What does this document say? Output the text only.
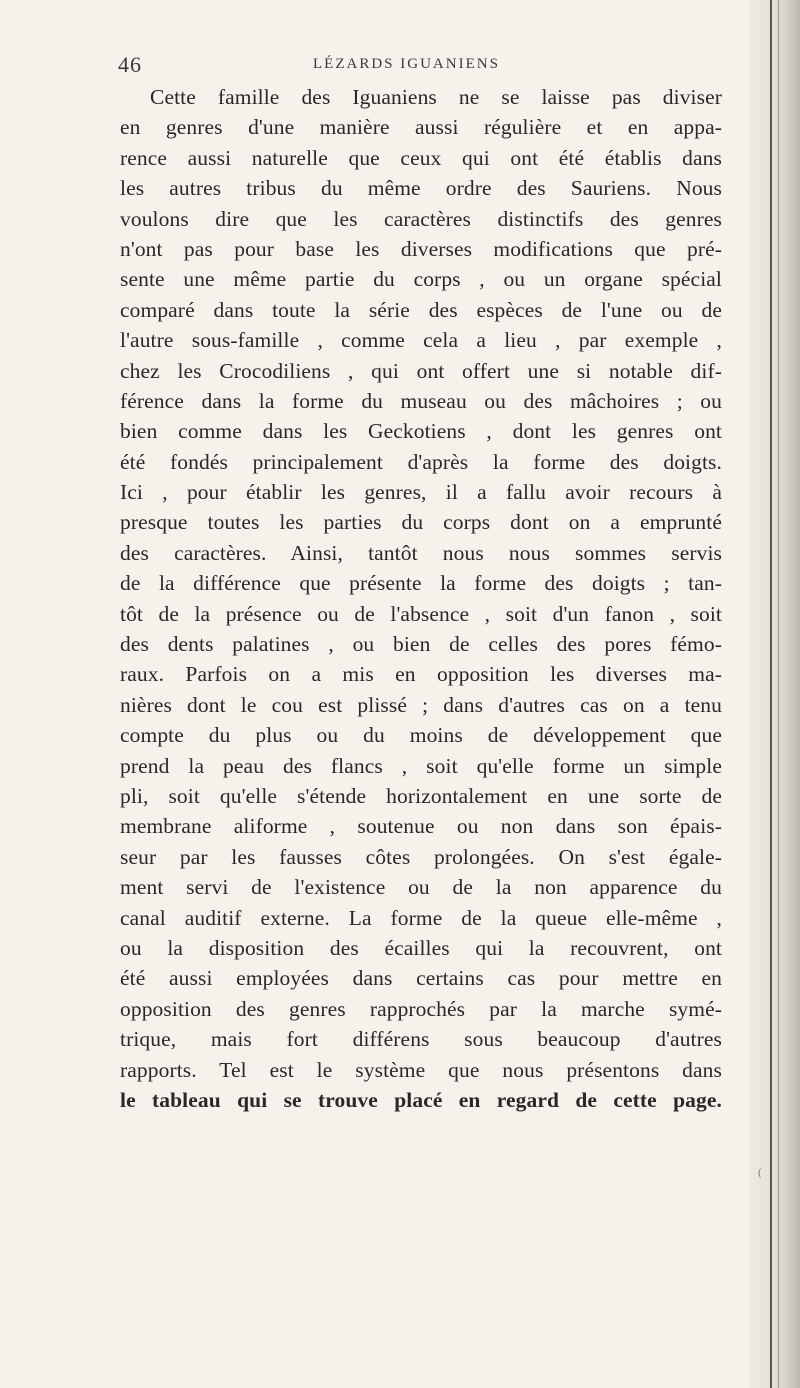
46	LÉZARDS IGUANIENS
Cette famille des Iguaniens ne se laisse pas diviser
en genres d'une manière aussi régulière et en appa-
rence aussi naturelle que ceux qui ont été établis dans
les autres tribus du même ordre des Sauriens. Nous
voulons dire que les caractères distinctifs des genres
n'ont pas pour base les diverses modifications que pré-
sente une même partie du corps , ou un organe spécial
comparé dans toute la série des espèces de l'une ou de
l'autre sous-famille , comme cela a lieu , par exemple ,
chez les Crocodiliens , qui ont offert une si notable dif-
férence dans la forme du museau ou des mâchoires ; ou
bien comme dans les Geckotiens , dont les genres ont
été fondés principalement d'après la forme des doigts.
Ici , pour établir les genres, il a fallu avoir recours à
presque toutes les parties du corps dont on a emprunté
des caractères. Ainsi, tantôt nous nous sommes servis
de la différence que présente la forme des doigts ; tan-
tôt de la présence ou de l'absence , soit d'un fanon , soit
des dents palatines , ou bien de celles des pores fémo-
raux. Parfois on a mis en opposition les diverses ma-
nières dont le cou est plissé ; dans d'autres cas on a tenu
compte du plus ou du moins de développement que
prend la peau des flancs , soit qu'elle forme un simple
pli, soit qu'elle s'étende horizontalement en une sorte de
membrane aliforme , soutenue ou non dans son épais-
seur par les fausses côtes prolongées. On s'est égale-
ment servi de l'existence ou de la non apparence du
canal auditif externe. La forme de la queue elle-même ,
ou la disposition des écailles qui la recouvrent, ont
été aussi employées dans certains cas pour mettre en
opposition des genres rapprochés par la marche symé-
trique, mais fort différens sous beaucoup d'autres
rapports. Tel est le système que nous présentons dans
le tableau qui se trouve placé en regard de cette page.
(
